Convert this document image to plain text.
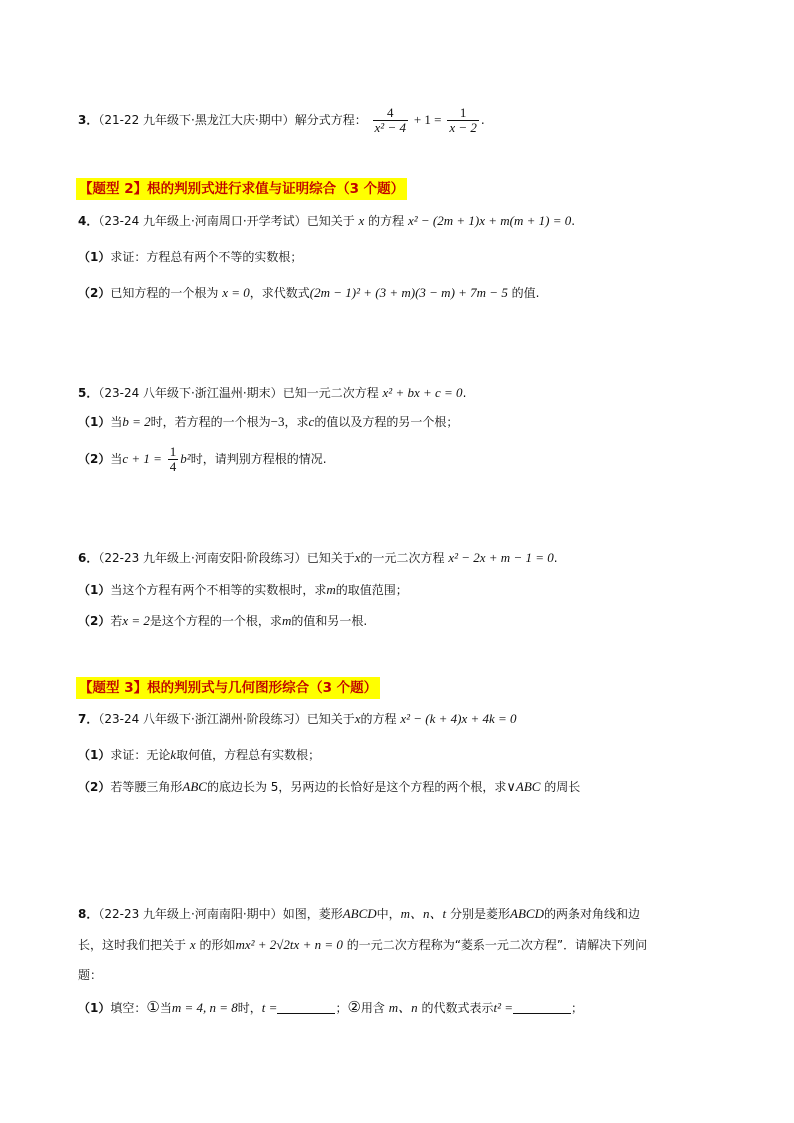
3．（21-22 九年级下·黑龙江大庆·期中）解分式方程： $\frac{4}{\text{x² − 4}} + 1 = \frac{1}{x - 2}$ .
【题型 2】根的判别式进行求值与证明综合（3 个题）
4．（23-24 九年级上·河南周口·开学考试）已知关于 x 的方程 x² − (2m + 1)x + m(m + 1) = 0.
（1）求证：方程总有两个不等的实数根；
（2）已知方程的一个根为 x = 0，求代数式(2m − 1)² + (3 + m)(3 − m) + 7m − 5 的值.
5．（23-24 八年级下·浙江温州·期末）已知一元二次方程 x² + bx + c = 0.
（1）当b = 2时，若方程的一个根为−3，求c的值以及方程的另一个根；
（2）当$c + 1 = \frac{1}{4} b^2$时，请判别方程根的情况.
6．（22-23 九年级上·河南安阳·阶段练习）已知关于x的一元二次方程 x² − 2x + m − 1 = 0.
（1）当这个方程有两个不相等的实数根时，求m的取值范围；
（2）若x = 2是这个方程的一个根，求m的值和另一根.
【题型 3】根的判别式与几何图形综合（3 个题）
7．（23-24 八年级下·浙江湖州·阶段练习）已知关于x的方程 x² − (k + 4)x + 4k = 0
（1）求证：无论k取何值，方程总有实数根；
（2）若等腰三角形ABC的底边长为 5，另两边的长恰好是这个方程的两个根，求∨ABC 的周长
8．（22-23 九年级上·河南南阳·期中）如图，菱形ABCD中，m、n、t 分别是菱形ABCD的两条对角线和边
长，这时我们把关于 x 的形如mx² + 2√2tx + n = 0 的一元二次方程称为“菱系一元二次方程”．请解决下列问
题：
（1）填空：①当m = 4, n = 8时，t =	；②用含 m、n 的代数式表示t² =	；
